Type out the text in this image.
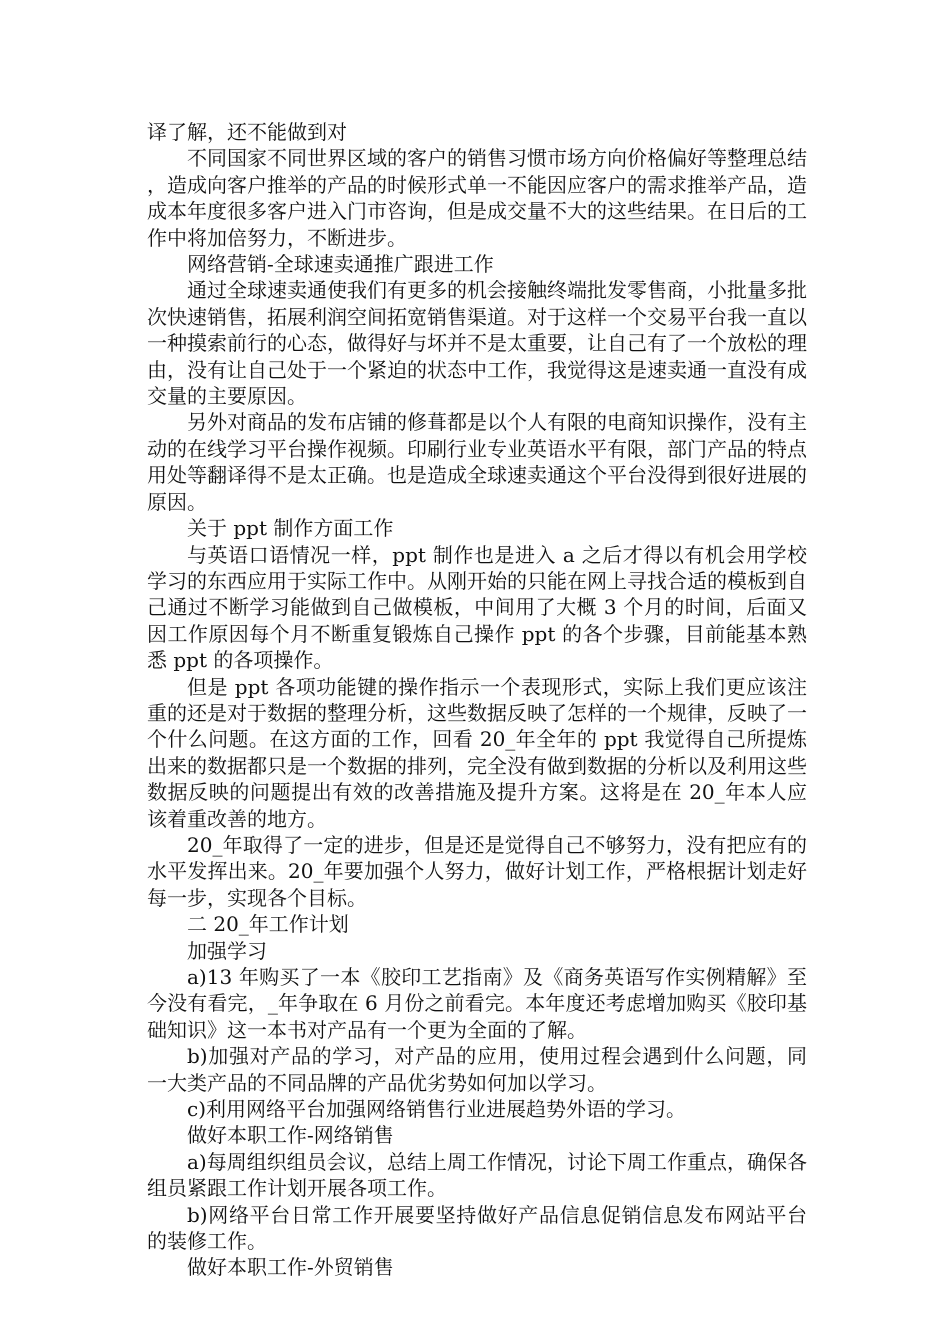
译了解，还不能做到对

不同国家不同世界区域的客户的销售习惯市场方向价格偏好等整理总结，造成向客户推举的产品的时候形式单一不能因应客户的需求推举产品，造成本年度很多客户进入门市咨询，但是成交量不大的这些结果。在日后的工作中将加倍努力，不断进步。

网络营销-全球速卖通推广跟进工作

通过全球速卖通使我们有更多的机会接触终端批发零售商，小批量多批次快速销售，拓展利润空间拓宽销售渠道。对于这样一个交易平台我一直以一种摸索前行的心态，做得好与坏并不是太重要，让自己有了一个放松的理由，没有让自己处于一个紧迫的状态中工作，我觉得这是速卖通一直没有成交量的主要原因。

另外对商品的发布店铺的修葺都是以个人有限的电商知识操作，没有主动的在线学习平台操作视频。印刷行业专业英语水平有限，部门产品的特点用处等翻译得不是太正确。也是造成全球速卖通这个平台没得到很好进展的原因。

关于 ppt 制作方面工作

与英语口语情况一样，ppt 制作也是进入 a 之后才得以有机会用学校学习的东西应用于实际工作中。从刚开始的只能在网上寻找合适的模板到自己通过不断学习能做到自己做模板，中间用了大概 3 个月的时间，后面又因工作原因每个月不断重复锻炼自己操作 ppt 的各个步骤，目前能基本熟悉 ppt 的各项操作。

但是 ppt 各项功能键的操作指示一个表现形式，实际上我们更应该注重的还是对于数据的整理分析，这些数据反映了怎样的一个规律，反映了一个什么问题。在这方面的工作，回看 20_年全年的 ppt 我觉得自己所提炼出来的数据都只是一个数据的排列，完全没有做到数据的分析以及利用这些数据反映的问题提出有效的改善措施及提升方案。这将是在 20_年本人应该着重改善的地方。

20_年取得了一定的进步，但是还是觉得自己不够努力，没有把应有的水平发挥出来。20_年要加强个人努力，做好计划工作，严格根据计划走好每一步，实现各个目标。

二 20_年工作计划

加强学习

a)13 年购买了一本《胶印工艺指南》及《商务英语写作实例精解》至今没有看完，_年争取在 6 月份之前看完。本年度还考虑增加购买《胶印基础知识》这一本书对产品有一个更为全面的了解。

b)加强对产品的学习，对产品的应用，使用过程会遇到什么问题，同一大类产品的不同品牌的产品优劣势如何加以学习。

c)利用网络平台加强网络销售行业进展趋势外语的学习。

做好本职工作-网络销售

a)每周组织组员会议，总结上周工作情况，讨论下周工作重点，确保各组员紧跟工作计划开展各项工作。

b)网络平台日常工作开展要坚持做好产品信息促销信息发布网站平台的装修工作。

做好本职工作-外贸销售
